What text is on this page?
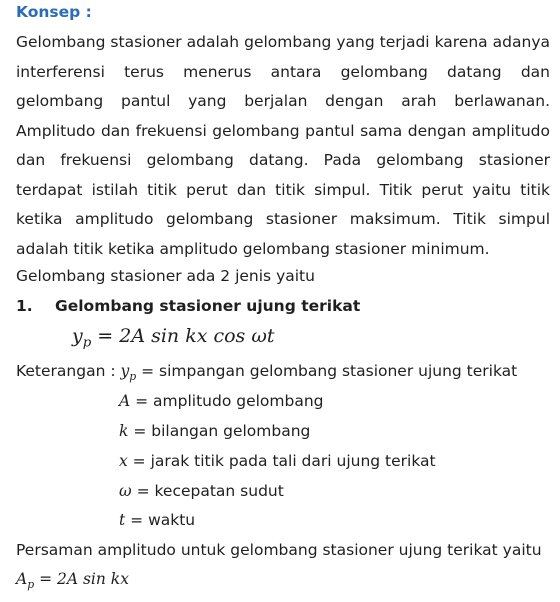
Konsep :

Gelombang stasioner adalah gelombang yang terjadi karena adanya interferensi terus menerus antara gelombang datang dan gelombang pantul yang berjalan dengan arah berlawanan. Amplitudo dan frekuensi gelombang pantul sama dengan amplitudo dan frekuensi gelombang datang. Pada gelombang stasioner terdapat istilah titik perut dan titik simpul. Titik perut yaitu titik ketika amplitudo gelombang stasioner maksimum. Titik simpul adalah titik ketika amplitudo gelombang stasioner minimum.

Gelombang stasioner ada 2 jenis yaitu
1. Gelombang stasioner ujung terikat
$y_p = 2A$ sin kx cos ωt
Keterangan : $y_p$ = simpangan gelombang stasioner ujung terikat
A = amplitudo gelombang
k = bilangan gelombang
x = jarak titik pada tali dari ujung terikat
ω = kecepatan sudut
t = waktu
Persaman amplitudo untuk gelombang stasioner ujung terikat yaitu
$A_p = 2A$ sin kx
